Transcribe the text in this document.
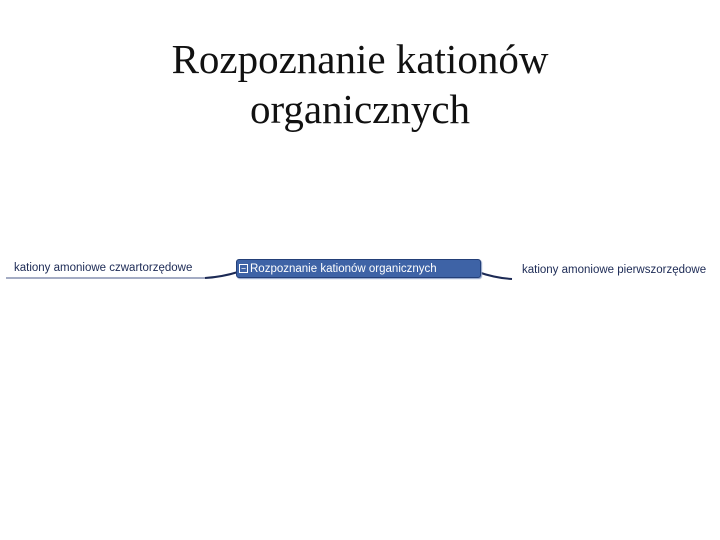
Rozpoznanie kationów
organicznych
kationy amoniowe czwartorzędowe	− Rozpoznanie kationów organicznych	kationy amoniowe pierwszorzędowe
